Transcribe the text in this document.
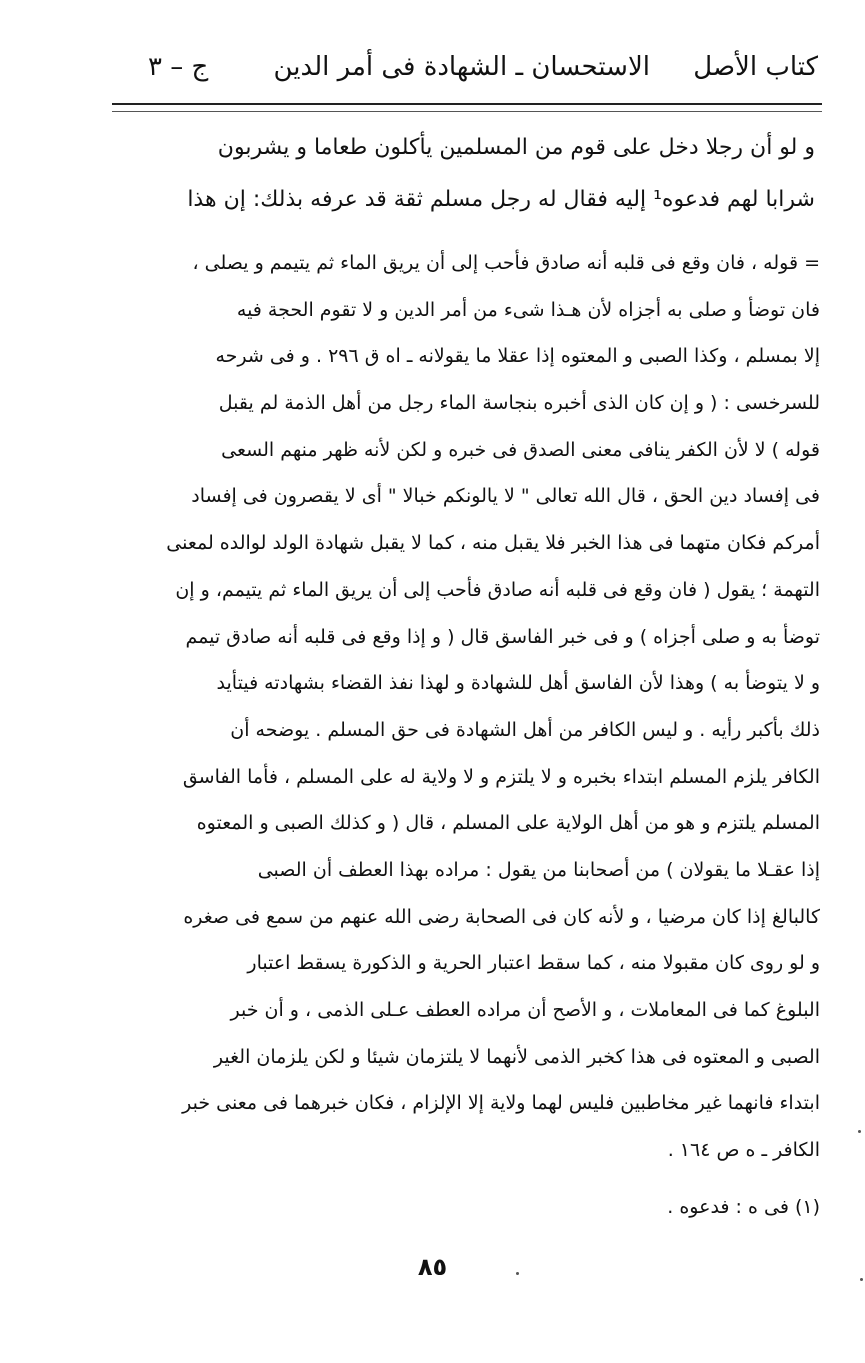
كتاب الأصل
الاستحسان ـ الشهادة فى أمر الدين
ج – ٣
و لو أن رجلا دخل على قوم من المسلمين يأكلون طعاما و يشربون
شرابا لهم فدعوه¹ إليه فقال له رجل مسلم ثقة قد عرفه بذلك: إن هذا
= قوله ، فان وقع فى قلبه أنه صادق فأحب إلى أن يريق الماء ثم يتيمم و يصلى ،
فان توضأ و صلى به أجزاه لأن هـذا شىء من أمر الدين و لا تقوم الحجة فيه
إلا بمسلم ، وكذا الصبى و المعتوه إذا عقلا ما يقولانه ـ اه ق ٢٩٦ . و فى شرحه
للسرخسى : ( و إن كان الذى أخبره بنجاسة الماء رجل من أهل الذمة لم يقبل
قوله ) لا لأن الكفر ينافى معنى الصدق فى خبره و لكن لأنه ظهر منهم السعى
فى إفساد دين الحق ، قال الله تعالى " لا يالونكم خبالا " أى لا يقصرون فى إفساد
أمركم فكان متهما فى هذا الخبر فلا يقبل منه ، كما لا يقبل شهادة الولد لوالده لمعنى
التهمة ؛ يقول ( فان وقع فى قلبه أنه صادق فأحب إلى أن يريق الماء ثم يتيمم، و إن
توضأ به و صلى أجزاه ) و فى خبر الفاسق قال ( و إذا وقع فى قلبه أنه صادق تيمم
و لا يتوضأ به ) وهذا لأن الفاسق أهل للشهادة و لهذا نفذ القضاء بشهادته فيتأيد
ذلك بأكبر رأيه . و ليس الكافر من أهل الشهادة فى حق المسلم . يوضحه أن
الكافر يلزم المسلم ابتداء بخبره و لا يلتزم و لا ولاية له على المسلم ، فأما الفاسق
المسلم يلتزم و هو من أهل الولاية على المسلم ، قال ( و كذلك الصبى و المعتوه
إذا عقـلا ما يقولان ) من أصحابنا من يقول : مراده بهذا العطف أن الصبى
كالبالغ إذا كان مرضيا ، و لأنه كان فى الصحابة رضى الله عنهم من سمع فى صغره
و لو روى كان مقبولا منه ، كما سقط اعتبار الحرية و الذكورة يسقط اعتبار
البلوغ كما فى المعاملات ، و الأصح أن مراده العطف عـلى الذمى ، و أن خبر
الصبى و المعتوه فى هذا كخبر الذمى لأنهما لا يلتزمان شيئا و لكن يلزمان الغير
ابتداء فانهما غير مخاطبين فليس لهما ولاية إلا الإلزام ، فكان خبرهما فى معنى خبر
الكافر ـ ه ص ١٦٤ .
(١) فى ه : فدعوه .
٨٥
